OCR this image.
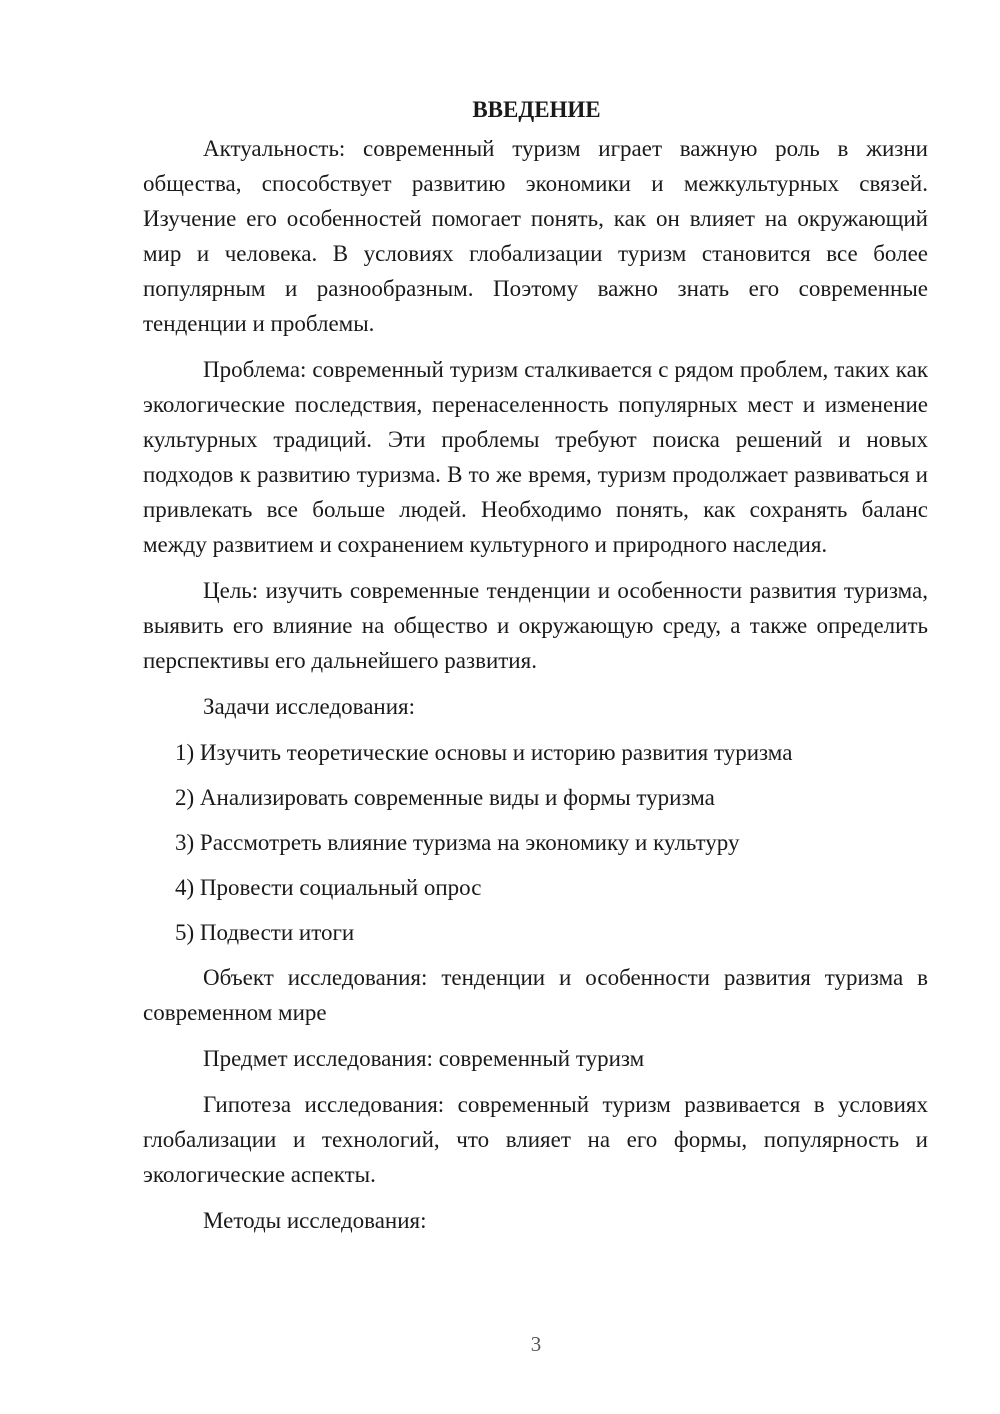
ВВЕДЕНИЕ

Актуальность: современный туризм играет важную роль в жизни общества, способствует развитию экономики и межкультурных связей. Изучение его особенностей помогает понять, как он влияет на окружающий мир и человека. В условиях глобализации туризм становится все более популярным и разнообразным. Поэтому важно знать его современные тенденции и проблемы.

Проблема: современный туризм сталкивается с рядом проблем, таких как экологические последствия, перенаселенность популярных мест и изменение культурных традиций. Эти проблемы требуют поиска решений и новых подходов к развитию туризма. В то же время, туризм продолжает развиваться и привлекать все больше людей. Необходимо понять, как сохранять баланс между развитием и сохранением культурного и природного наследия.

Цель: изучить современные тенденции и особенности развития туризма, выявить его влияние на общество и окружающую среду, а также определить перспективы его дальнейшего развития.

Задачи исследования:

1) Изучить теоретические основы и историю развития туризма
2) Анализировать современные виды и формы туризма
3) Рассмотреть влияние туризма на экономику и культуру
4) Провести социальный опрос
5) Подвести итоги

Объект исследования: тенденции и особенности развития туризма в современном мире

Предмет исследования: современный туризм

Гипотеза исследования: современный туризм развивается в условиях глобализации и технологий, что влияет на его формы, популярность и экологические аспекты.

Методы исследования:

3
